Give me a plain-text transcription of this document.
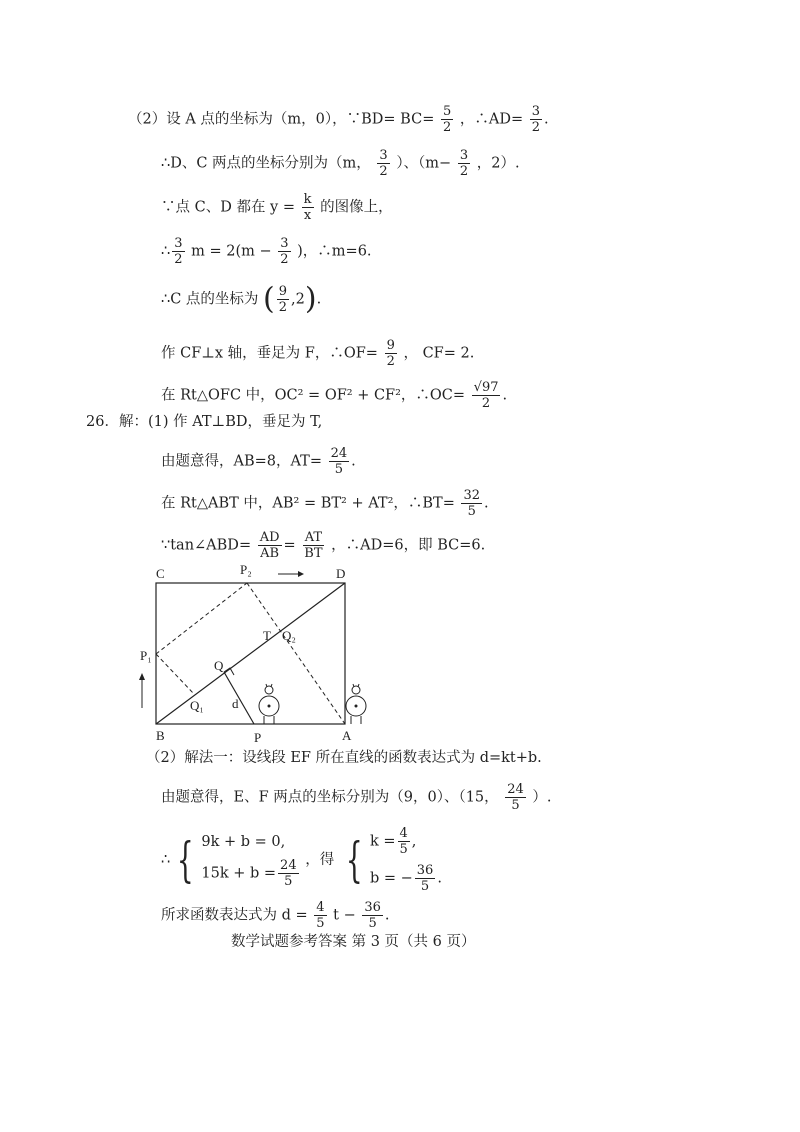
（2）设 A 点的坐标为（m，0），∵BD= $BC= \frac{5}{2}$ ，∴AD= $\frac{3}{2}$ .
∴D、C 两点的坐标分别为（m， $\frac{3}{2}$ ）、（$m- \frac{3}{2}$ ，2）.
∵点 C、D 都在 $y = \frac{k}{x}$ 的图像上，
∴ $\frac{3}{2}$ $m = 2(m - \frac{3}{2}$ )，∴m=6.
∴C 点的坐标为 ( $\frac{9}{2} ,2$).
作 CF⊥x 轴，垂足为 F，∴OF= $\frac{9}{2}$ ， CF= 2.
在 Rt△OFC 中，OC² = OF² + CF²，∴OC= $\frac{√97}{2}$ .
26．解：(1) 作 AT⊥BD，垂足为 T,
由题意得，AB=8，$AT= \frac{24}{5}$ .
在 Rt△ABT 中，AB² = BT² + AT²，∴BT= $\frac{32}{5}$ .
∵tan∠ABD= $\frac{AD}{AB} = \frac{AT}{BT}$ ，∴AD=6，即 BC=6.
C	D
P₂
P₁
B	A
P
Q
Q₁
Q₂
T
d
（2）解法一：设线段 EF 所在直线的函数表达式为 d=kt+b.
由题意得，E、F 两点的坐标分别为（9，0）、（15， $\frac{24}{5}$ ）.
∴ { 9k + b = 0,
$15k + b = \frac{24}{5}$ ，得 { $k = \frac{4}{5}$ ,
b = − $\frac{36}{5}$ .
所求函数表达式为 $d = \frac{4}{5}$ $t - \frac{36}{5}$ .
数学试题参考答案 第 3 页（共 6 页）
